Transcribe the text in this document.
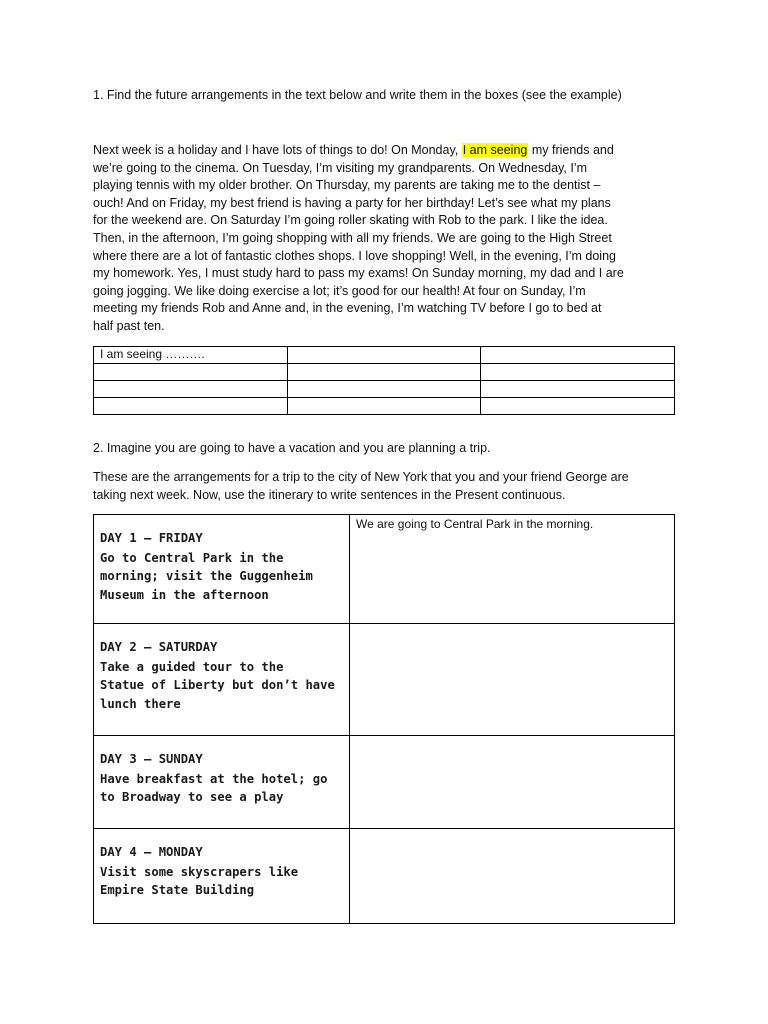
1. Find the future arrangements in the text below and write them in the boxes (see the example)
Next week is a holiday and I have lots of things to do! On Monday, I am seeing my friends and
we’re going to the cinema. On Tuesday, I’m visiting my grandparents. On Wednesday, I’m
playing tennis with my older brother. On Thursday, my parents are taking me to the dentist –
ouch! And on Friday, my best friend is having a party for her birthday! Let’s see what my plans
for the weekend are. On Saturday I’m going roller skating with Rob to the park. I like the idea.
Then, in the afternoon, I’m going shopping with all my friends. We are going to the High Street
where there are a lot of fantastic clothes shops. I love shopping! Well, in the evening, I’m doing
my homework. Yes, I must study hard to pass my exams! On Sunday morning, my dad and I are
going jogging. We like doing exercise a lot; it’s good for our health! At four on Sunday, I’m
meeting my friends Rob and Anne and, in the evening, I’m watching TV before I go to bed at
half past ten.
I am seeing ……….		

2. Imagine you are going to have a vacation and you are planning a trip.
These are the arrangements for a trip to the city of New York that you and your friend George are
taking next week. Now, use the itinerary to write sentences in the Present continuous.
DAY 1 – FRIDAY
Go to Central Park in the
morning; visit the Guggenheim
Museum in the afternoon	We are going to Central Park in the morning.

DAY 2 – SATURDAY
Take a guided tour to the
Statue of Liberty but don’t have
lunch there	

DAY 3 – SUNDAY
Have breakfast at the hotel; go
to Broadway to see a play	

DAY 4 – MONDAY
Visit some skyscrapers like
Empire State Building	
